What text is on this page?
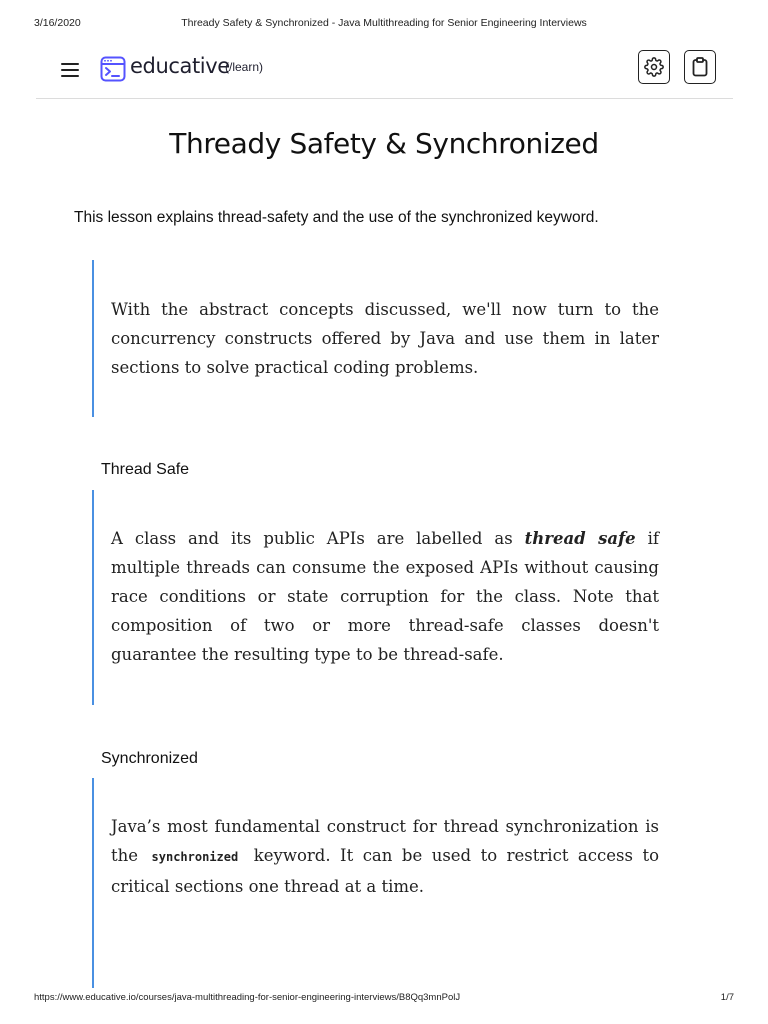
3/16/2020	Thready Safety & Synchronized - Java Multithreading for Senior Engineering Interviews
educative
(/learn)
Thready Safety & Synchronized

This lesson explains thread-safety and the use of the synchronized keyword.

With the abstract concepts discussed, we'll now turn to the concurrency constructs offered by Java and use them in later sections to solve practical coding problems.

Thread Safe

A class and its public APIs are labelled as thread safe if multiple threads can consume the exposed APIs without causing race conditions or state corruption for the class. Note that composition of two or more thread-safe classes doesn't guarantee the resulting type to be thread-safe.

Synchronized

Java’s most fundamental construct for thread synchronization is the synchronized keyword. It can be used to restrict access to critical sections one thread at a time.

https://www.educative.io/courses/java-multithreading-for-senior-engineering-interviews/B8Qq3mnPolJ	1/7
